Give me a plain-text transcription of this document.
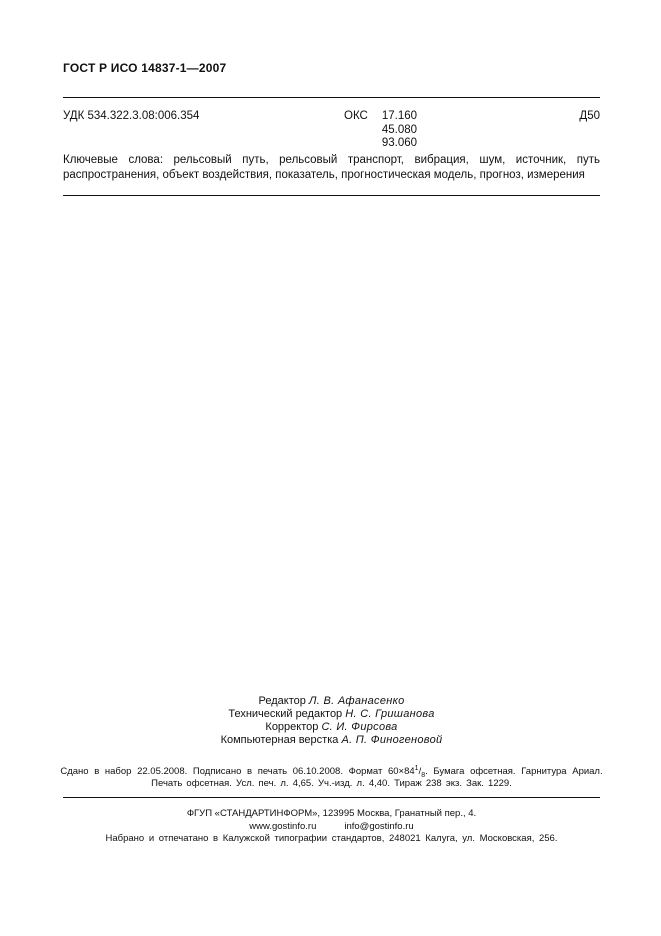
ГОСТ Р ИСО 14837-1—2007
УДК 534.322.3.08:006.354	ОКС 17.160
45.080
93.060
Д50

Ключевые слова: рельсовый путь, рельсовый транспорт, вибрация, шум, источник, путь распространения, объект воздействия, показатель, прогностическая модель, прогноз, измерения

Редактор Л. В. Афанасенко
Технический редактор Н. С. Гришанова
Корректор С. И. Фирсова
Компьютерная верстка А. П. Финогеновой
Сдано в набор 22.05.2008. Подписано в печать 06.10.2008. Формат $60\times 84^1/_8$. Бумага офсетная. Гарнитура Ариал.
Печать офсетная. Усл. печ. л. 4,65. Уч.-изд. л. 4,40. Тираж 238 экз. Зак. 1229.
ФГУП «СТАНДАРТИНФОРМ», 123995 Москва, Гранатный пер., 4.
www.gostinfo.ru	info@gostinfo.ru
Набрано и отпечатано в Калужской типографии стандартов, 248021 Калуга, ул. Московская, 256.
